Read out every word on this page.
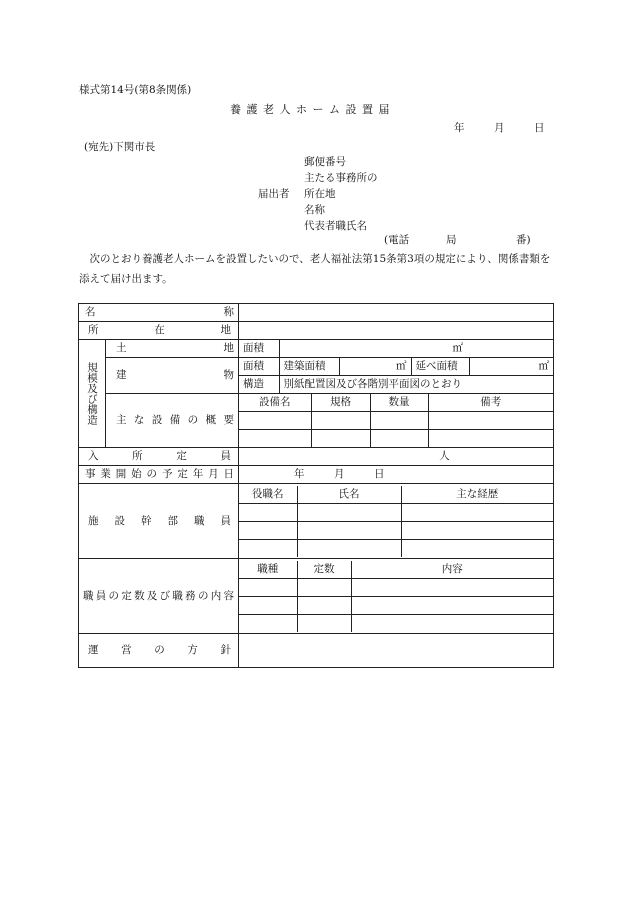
様式第14号(第8条関係)
養護老人ホーム設置届
年	月	日
(宛先)下関市長
郵便番号
主たる事務所の
届出者 所在地
名称
代表者職氏名
(電話	局	番)
次のとおり養護老人ホームを設置したいので、老人福祉法第15条第3項の規定により、関係書類を添えて届け出ます。
名称	

所	在	地

規模及び構造	土地	面積	㎡

建物	
面積	建築面積	㎡	延べ面積	㎡

構造	別紙配置図及び各階別平面図のとおり

主な設備の概要	
設備名	規格	数量	備考

入	所	定	員	人
事業開始の予定年月日	年	月	日

施 設 幹 部 職 員

役職名	氏名	主な経歴

職員の定数及び職務の内容	
職種	定数	内容

運 営 の 方 針
